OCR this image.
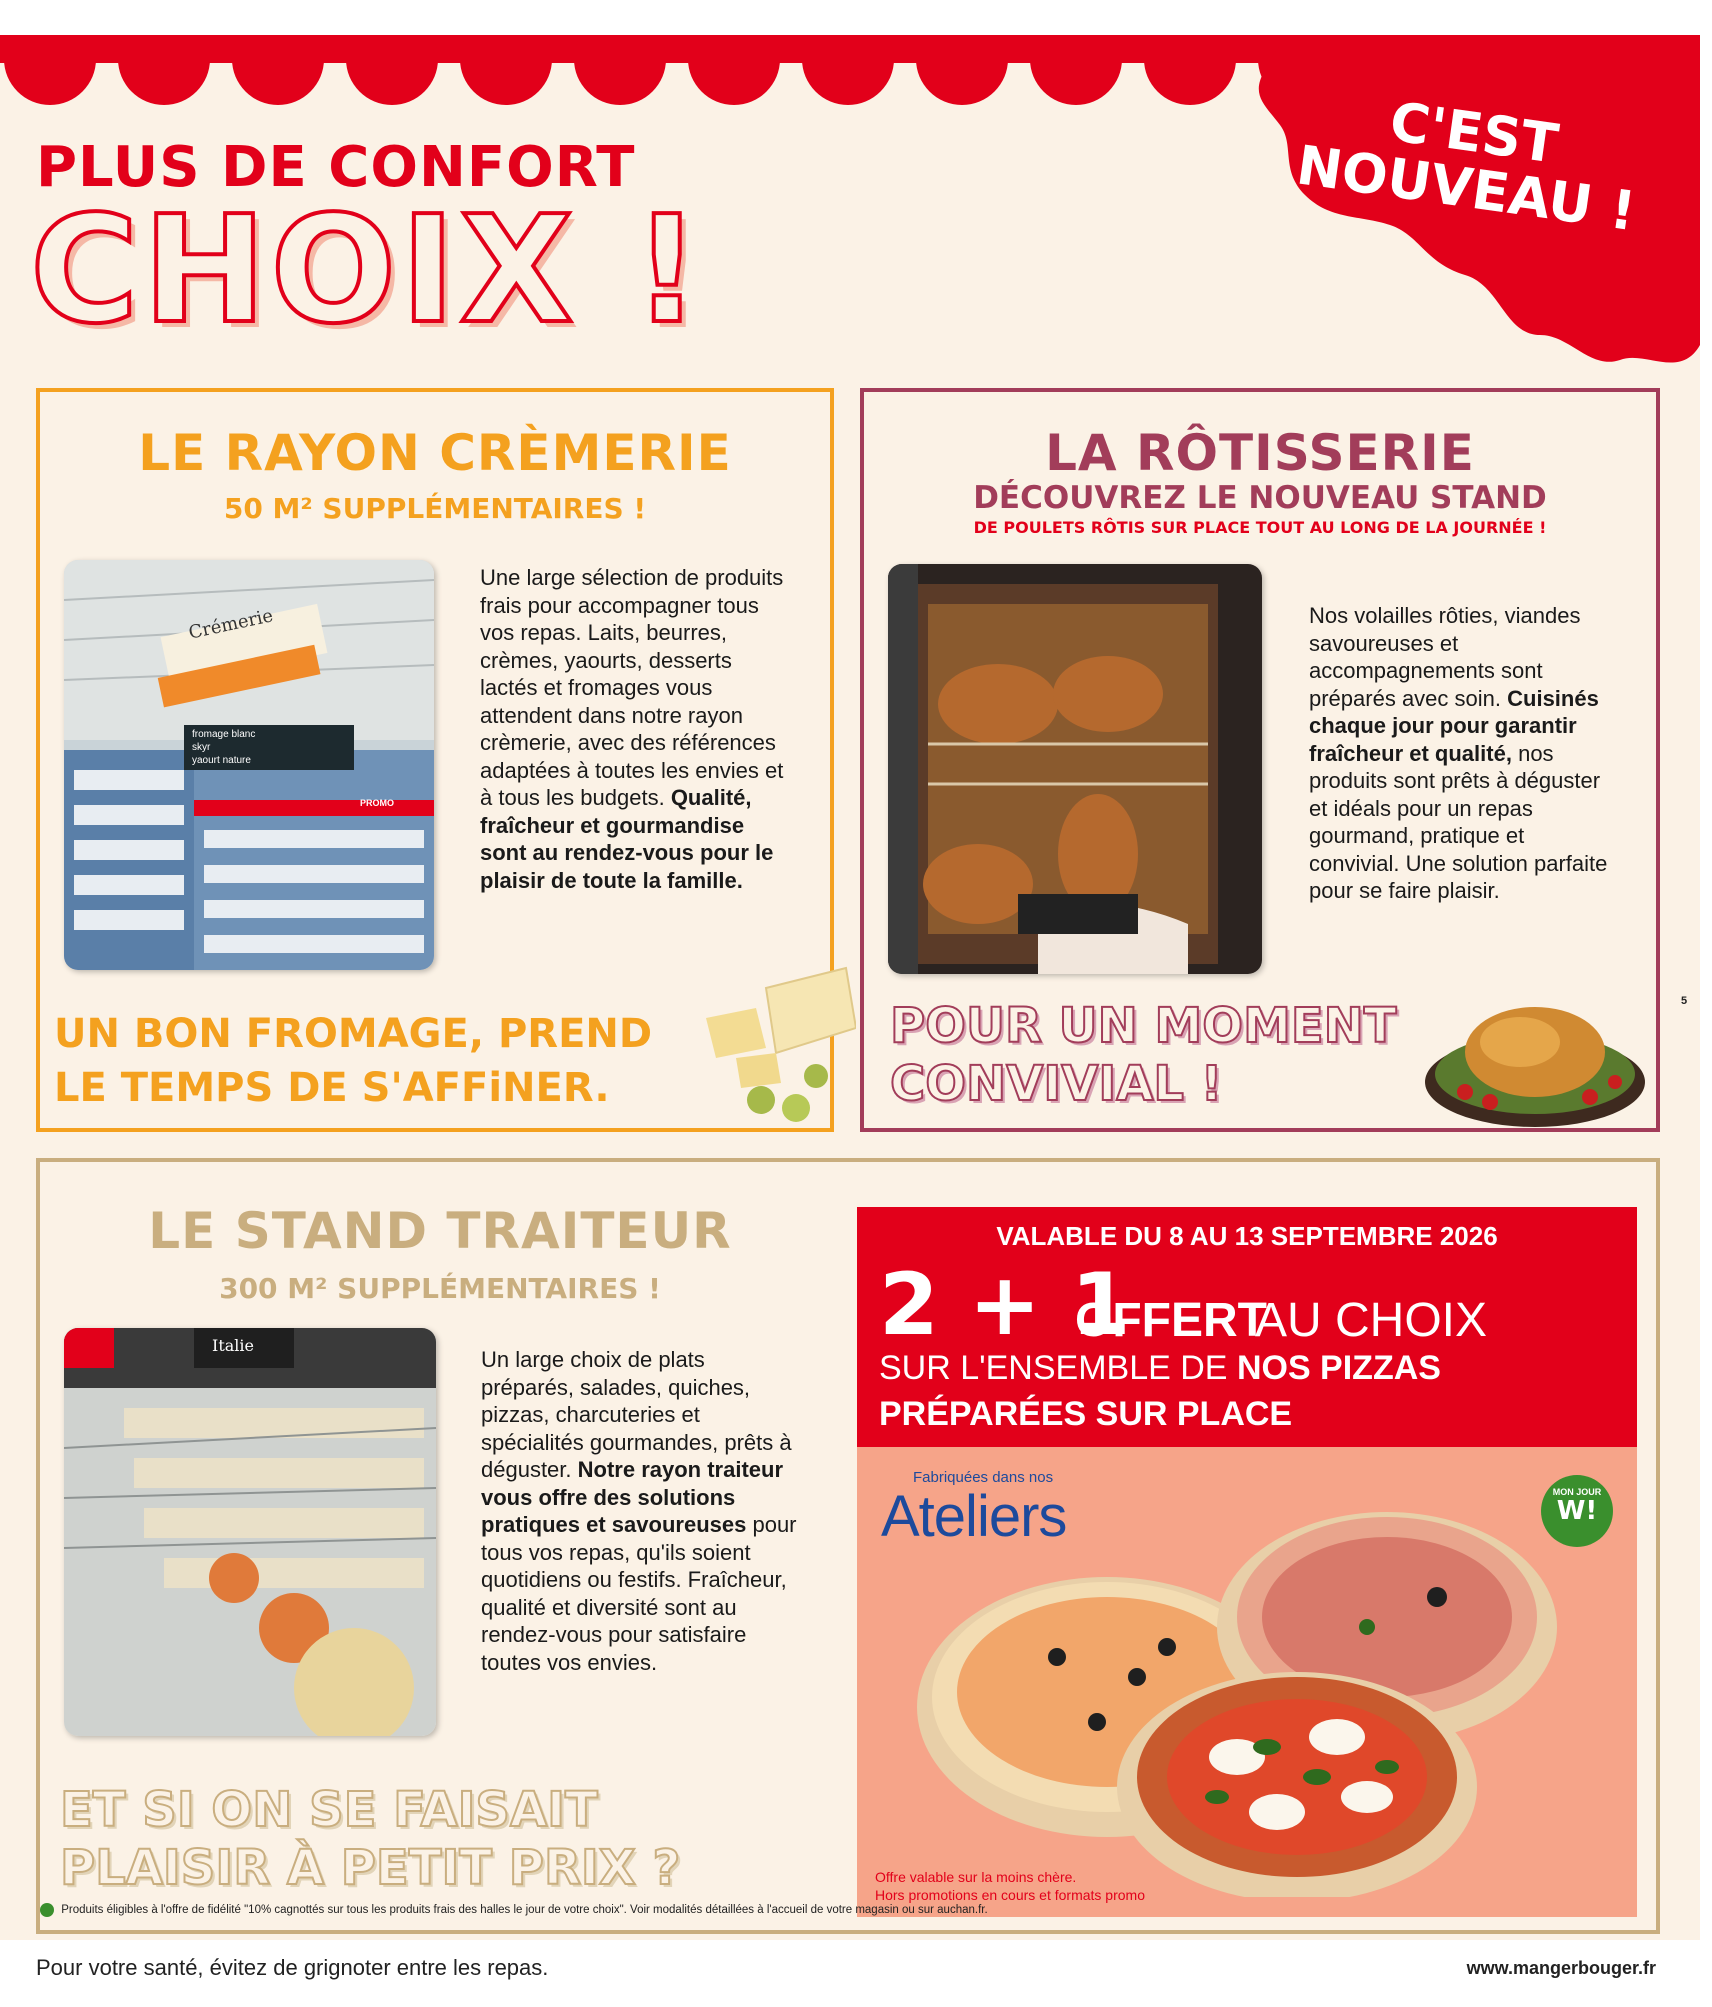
C'EST NOUVEAU !
PLUS DE CONFORT
CHOIX !
LE RAYON CRÈMERIE
50 M² SUPPLÉMENTAIRES !
Crémerie
fromage blanc
skyr
yaourt nature
PROMO
Une large sélection de produits frais pour accompagner tous vos repas. Laits, beurres, crèmes, yaourts, desserts lactés et fromages vous attendent dans notre rayon crèmerie, avec des références adaptées à toutes les envies et à tous les budgets. Qualité, fraîcheur et gourmandise sont au rendez-vous pour le plaisir de toute la famille.
UN BON FROMAGE, PREND
LE TEMPS DE S'AFFiNER.
LA RÔTISSERIE
DÉCOUVREZ LE NOUVEAU STAND
DE POULETS RÔTIS SUR PLACE TOUT AU LONG DE LA JOURNÉE !
Nos volailles rôties, viandes savoureuses et accompagnements sont préparés avec soin. Cuisinés chaque jour pour garantir fraîcheur et qualité, nos produits sont prêts à déguster et idéals pour un repas gourmand, pratique et convivial. Une solution parfaite pour se faire plaisir.
POUR UN MOMENT
CONVIVIAL !
LE STAND TRAITEUR
300 M² SUPPLÉMENTAIRES !
Italie
Un large choix de plats préparés, salades, quiches, pizzas, charcuteries et spécialités gourmandes, prêts à déguster. Notre rayon traiteur vous offre des solutions pratiques et savoureuses pour tous vos repas, qu'ils soient quotidiens ou festifs. Fraîcheur, qualité et diversité sont au rendez-vous pour satisfaire toutes vos envies.
ET SI ON SE FAISAIT
PLAISIR À PETIT PRIX ?
VALABLE DU 8 AU 13 SEPTEMBRE 2026
2 + 1
OFFERT
AU CHOIX
SUR L'ENSEMBLE DE NOS PIZZAS
PRÉPARÉES SUR PLACE
Fabriquées dans nos
Ateliers	MON JOUR
W!
Offre valable sur la moins chère.
Hors promotions en cours et formats promo
Produits éligibles à l'offre de fidélité "10% cagnottés sur tous les produits frais des halles le jour de votre choix". Voir modalités détaillées à l'accueil de votre magasin ou sur auchan.fr.
5
Pour votre santé, évitez de grignoter entre les repas.	www.mangerbouger.fr
